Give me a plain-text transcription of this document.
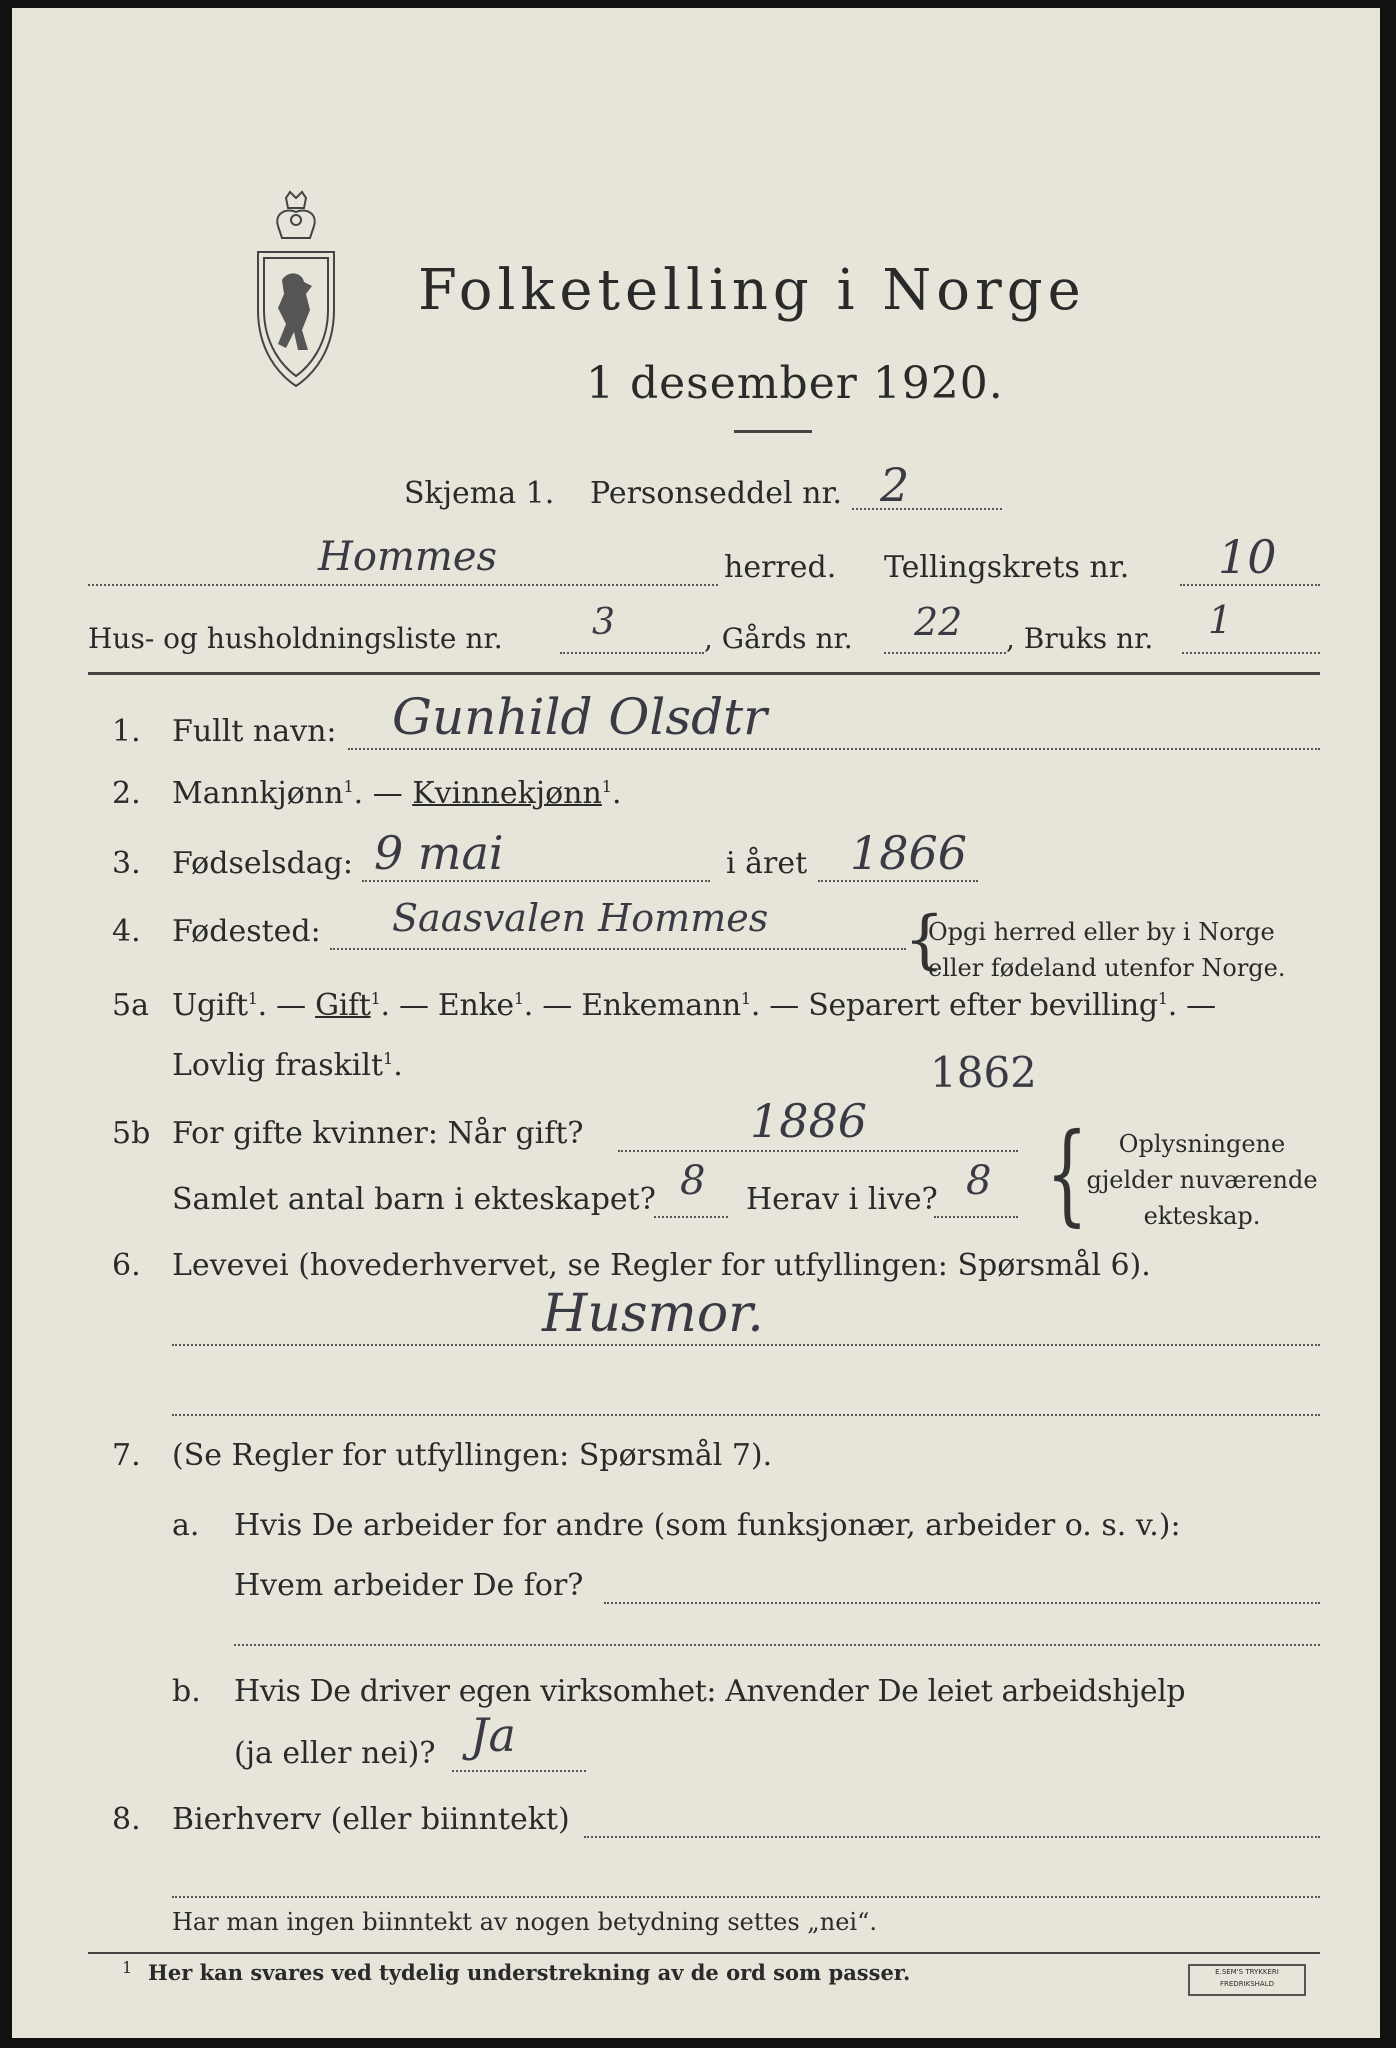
Folketelling i Norge
1 desember 1920.
Skjema 1. Personseddel nr. 2
Hommes	herred. Tellingskrets nr. 10
Hus- og husholdningsliste nr. 3	, Gårds nr. 22 , Bruks nr. 1
1. Fullt navn: Gunhild Olsdtr
2. Mannkjønn$^1$. — Kvinnekjønn$^1$.
3. Fødselsdag: 9 mai	i året 1866
4. Fødested: Saasvalen Hommes {
Opgi herred eller by i Norge
eller fødeland utenfor Norge.
5a Ugift$^1$. — Gift$^1$. — Enke$^1$. — Enkemann$^1$. — Separert efter bevilling$^1$. —
Lovlig fraskilt$^1$.
5b For gifte kvinner: Når gift?	1886
1862
Samlet antal barn i ekteskapet? 8 Herav i live? 8 {	Oplysningene
gjelder nuværende
ekteskap.
6. Levevei (hovederhvervet, se Regler for utfyllingen: Spørsmål 6).
Husmor.
7. (Se Regler for utfyllingen: Spørsmål 7).
a. Hvis De arbeider for andre (som funksjonær, arbeider o. s. v.):
Hvem arbeider De for?
b. Hvis De driver egen virksomhet: Anvender De leiet arbeidshjelp
(ja eller nei)? Ja
8. Bierhverv (eller biinntekt)
Har man ingen biinntekt av nogen betydning settes „nei“.
1 Her kan svares ved tydelig understrekning av de ord som passer.	E.SEM'S TRYKKERI FREDRIKSHALD
